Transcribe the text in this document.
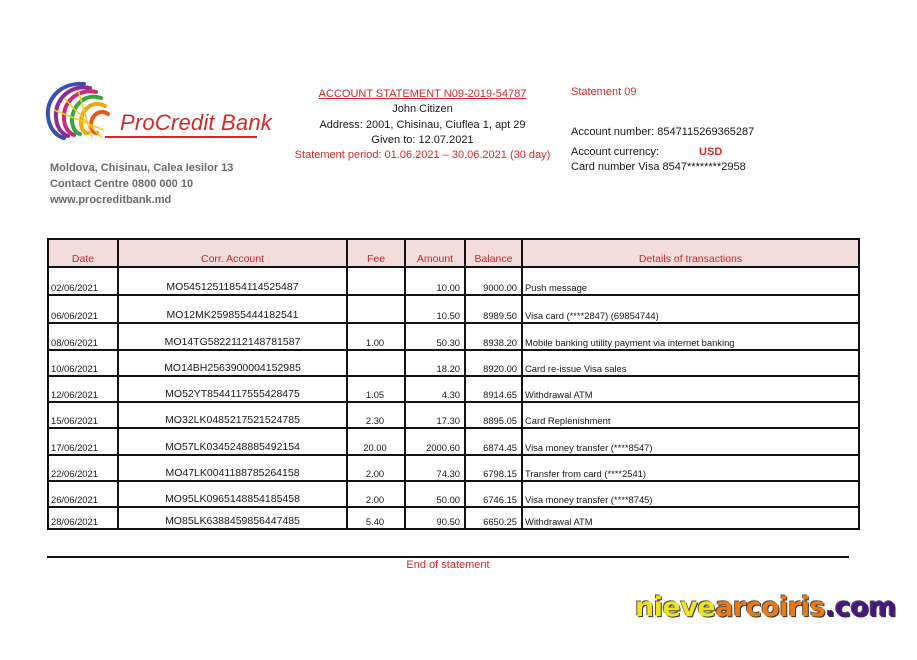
ProCredit Bank
Moldova, Chisinau, Calea Iesilor 13
Contact Centre 0800 000 10
www.procreditbank.md
ACCOUNT STATEMENT N09-2019-54787
John Citizen
Address: 2001, Chisinau, Ciuflea 1, apt 29
Given to: 12.07.2021
Statement period: 01.06.2021 – 30.06.2021 (30 day)
Statement 09
Account number: 8547115269365287
Account currency:	USD
Card number Visa 8547********2958
Date	Corr. Account	Fee	Amount	Balance	Details of transactions
02/06/2021	MO54512511854114525487		10.00	9000.00	Push message
06/06/2021	MO12MK259855444182541		10.50	8989.50	Visa card (****2847) (69854744)
08/06/2021	MO14TG5822112148781587	1.00	50.30	8938.20	Mobile banking utility payment via internet banking
10/06/2021	MO14BH2563900004152985		18.20	8920.00	Card re-issue Visa sales
12/06/2021	MO52YT8544117555428475	1.05	4.30	8914.65	Withdrawal ATM
15/06/2021	MO32LK0485217521524785	2.30	17.30	8895.05	Card Replenishment
17/06/2021	MO57LK0345248885492154	20.00	2000.60	6874.45	Visa money transfer (****8547)
22/06/2021	MO47LK0041188785264158	2.00	74.30	6798.15	Transfer from card (****2541)
26/06/2021	MO95LK0965148854185458	2.00	50.00	6746.15	Visa money transfer (****8745)
28/06/2021	MO85LK6388459856447485	5.40	90.50	6650.25	Withdrawal ATM
End of statement
nievearcoiris.com
